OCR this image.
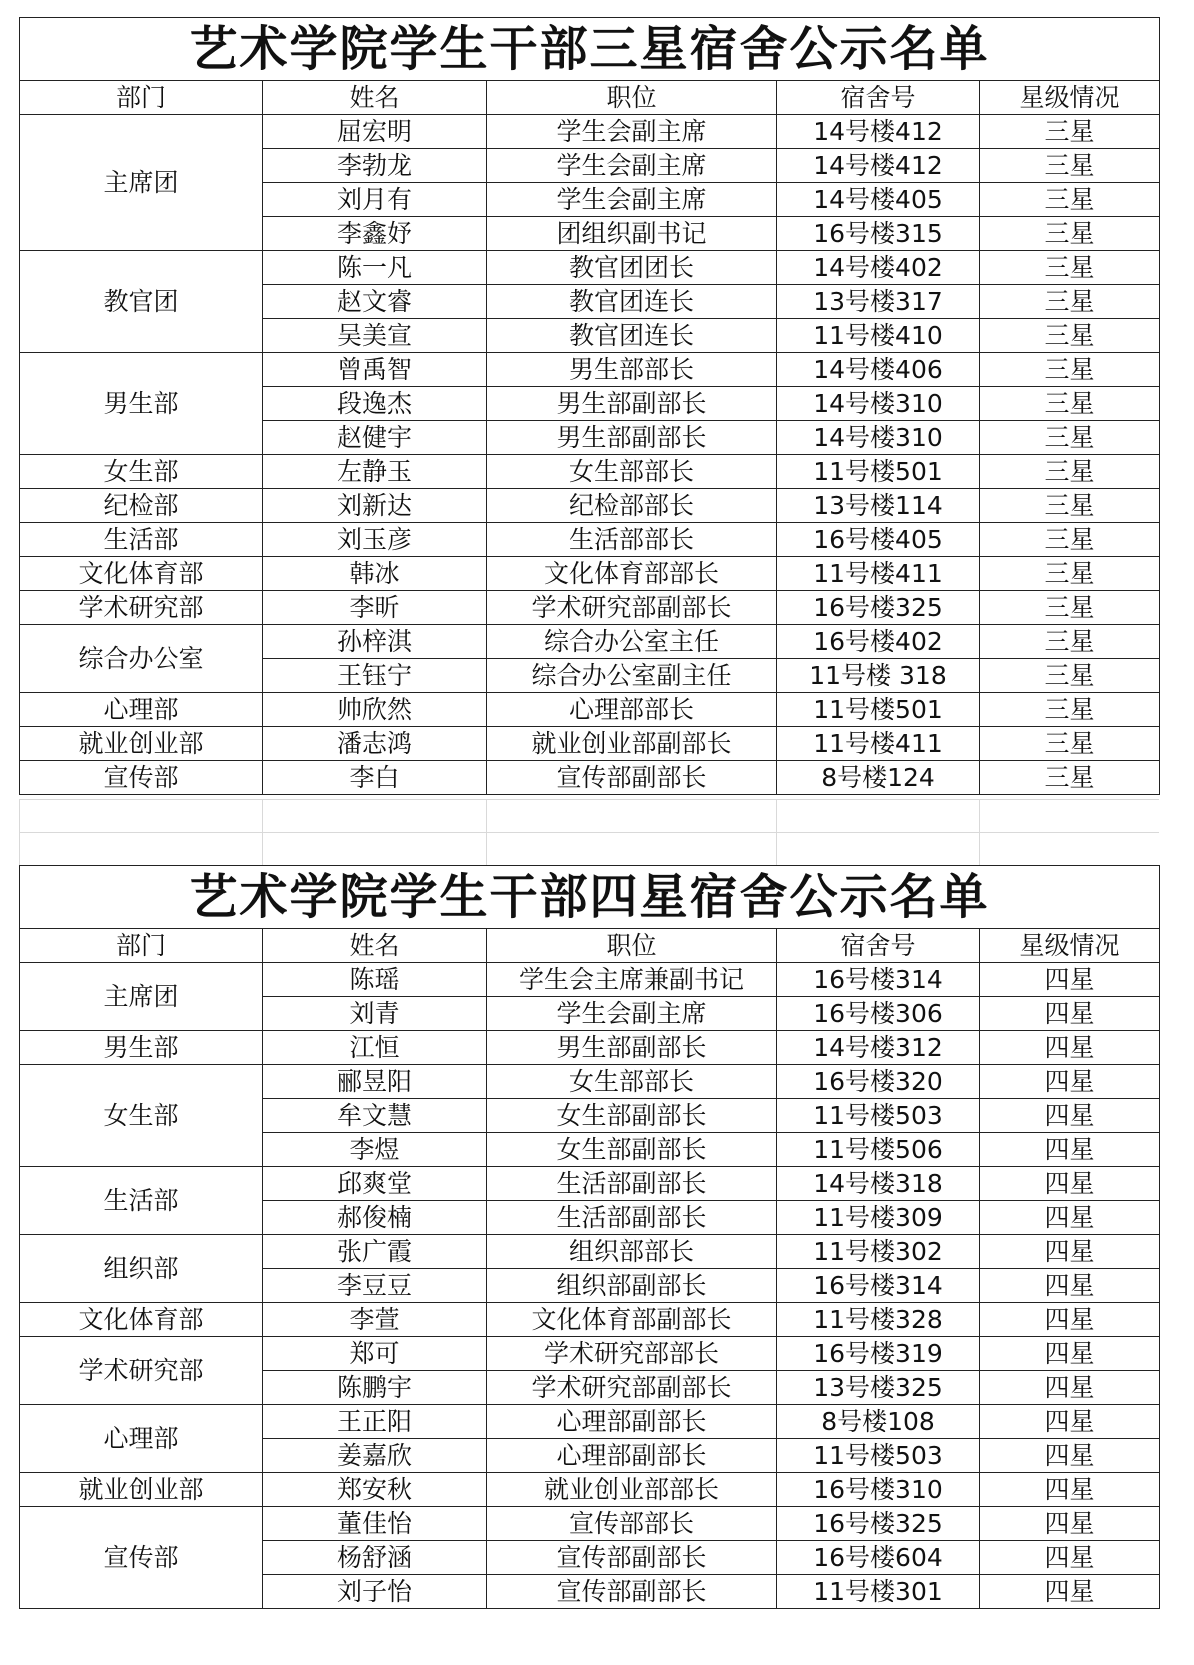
艺术学院学生干部三星宿舍公示名单
部门	姓名	职位	宿舍号	星级情况
主席团	屈宏明	学生会副主席	14号楼412	三星
	李勃龙	学生会副主席	14号楼412	三星
	刘月有	学生会副主席	14号楼405	三星
	李鑫妤	团组织副书记	16号楼315	三星
教官团	陈一凡	教官团团长	14号楼402	三星
	赵文睿	教官团连长	13号楼317	三星
	吴美宣	教官团连长	11号楼410	三星
男生部	曾禹智	男生部部长	14号楼406	三星
	段逸杰	男生部副部长	14号楼310	三星
	赵健宇	男生部副部长	14号楼310	三星
女生部	左静玉	女生部部长	11号楼501	三星
纪检部	刘新达	纪检部部长	13号楼114	三星
生活部	刘玉彦	生活部部长	16号楼405	三星
文化体育部	韩冰	文化体育部部长	11号楼411	三星
学术研究部	李昕	学术研究部副部长	16号楼325	三星
综合办公室	孙梓淇	综合办公室主任	16号楼402	三星
	王钰宁	综合办公室副主任	11号楼 318	三星
心理部	帅欣然	心理部部长	11号楼501	三星
就业创业部	潘志鸿	就业创业部副部长	11号楼411	三星
宣传部	李白	宣传部副部长	8号楼124	三星
艺术学院学生干部四星宿舍公示名单
部门	姓名	职位	宿舍号	星级情况
主席团	陈瑶	学生会主席兼副书记	16号楼314	四星
	刘青	学生会副主席	16号楼306	四星
男生部	江恒	男生部副部长	14号楼312	四星
女生部	郦昱阳	女生部部长	16号楼320	四星
	牟文慧	女生部副部长	11号楼503	四星
	李煜	女生部副部长	11号楼506	四星
生活部	邱爽堂	生活部副部长	14号楼318	四星
	郝俊楠	生活部副部长	11号楼309	四星
组织部	张广霞	组织部部长	11号楼302	四星
	李豆豆	组织部副部长	16号楼314	四星
文化体育部	李萱	文化体育部副部长	11号楼328	四星
学术研究部	郑可	学术研究部部长	16号楼319	四星
	陈鹏宇	学术研究部副部长	13号楼325	四星
心理部	王正阳	心理部副部长	8号楼108	四星
	姜嘉欣	心理部副部长	11号楼503	四星
就业创业部	郑安秋	就业创业部部长	16号楼310	四星
宣传部	董佳怡	宣传部部长	16号楼325	四星
	杨舒涵	宣传部副部长	16号楼604	四星
	刘子怡	宣传部副部长	11号楼301	四星
